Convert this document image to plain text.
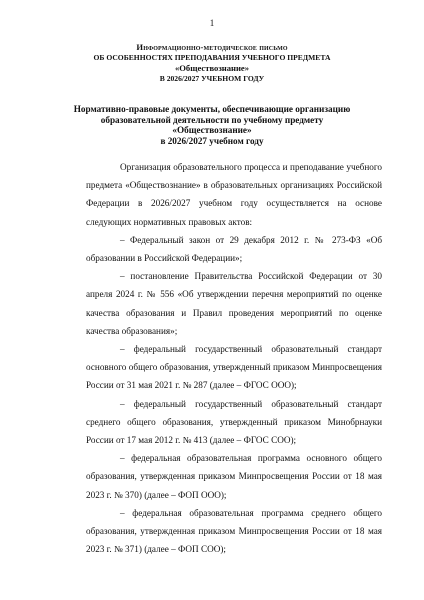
1
Информационно-методическое письмо
ОБ ОСОБЕННОСТЯХ ПРЕПОДАВАНИЯ УЧЕБНОГО ПРЕДМЕТА
«Обществознание»
В 2026/2027 УЧЕБНОМ ГОДУ
Нормативно-правовые документы, обеспечивающие организацию
образовательной деятельности по учебному предмету
«Обществознание»
в 2026/2027 учебном году

Организация образовательного процесса и преподавание учебного предмета «Обществознание» в образовательных организациях Российской Федерации в 2026/2027 учебном году осуществляется на основе следующих нормативных правовых актов:

– Федеральный закон от 29 декабря 2012 г. № 273-ФЗ «Об образовании в Российской Федерации»;

– постановление Правительства Российской Федерации от 30 апреля 2024 г. № 556 «Об утверждении перечня мероприятий по оценке качества образования и Правил проведения мероприятий по оценке качества образования»;

– федеральный государственный образовательный стандарт основного общего образования, утвержденный приказом Минпросвещения России от 31 мая 2021 г. № 287 (далее – ФГОС ООО);

– федеральный государственный образовательный стандарт среднего общего образования, утвержденный приказом Минобрнауки России от 17 мая 2012 г. № 413 (далее – ФГОС СОО);

– федеральная образовательная программа основного общего образования, утвержденная приказом Минпросвещения России от 18 мая 2023 г. № 370) (далее – ФОП ООО);

– федеральная образовательная программа среднего общего образования, утвержденная приказом Минпросвещения России от 18 мая 2023 г. № 371) (далее – ФОП СОО);
